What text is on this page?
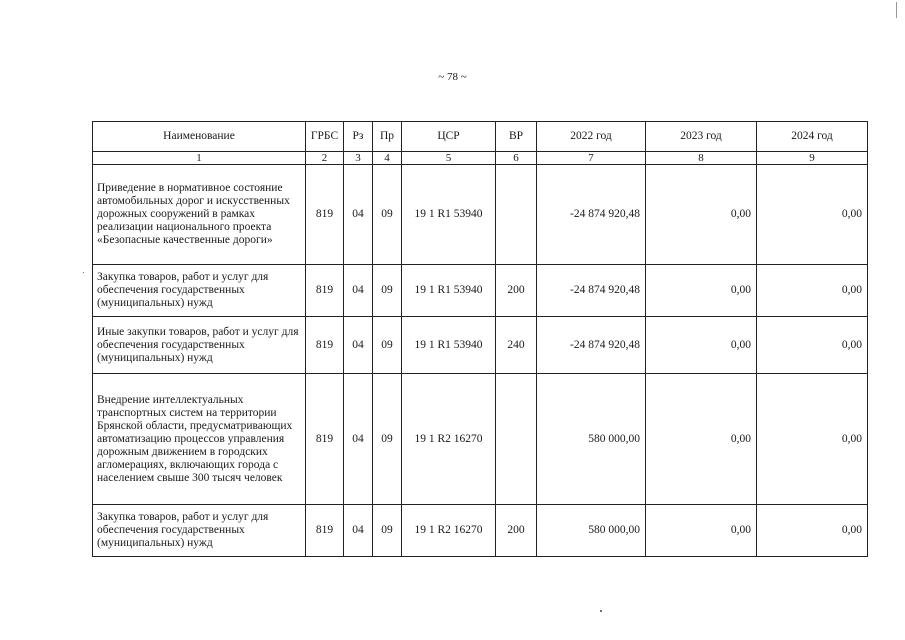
~ 78 ~
Наименование	ГРБС	Рз	Пр	ЦСР	ВР	2022 год	2023 год	2024 год
1	2	3	4	5	6	7	8	9
Приведение в нормативное состояние автомобильных дорог и искусственных дорожных сооружений в рамках реализации национального проекта «Безопасные качественные дороги»	819	04	09	19 1 R1 53940		-24 874 920,48	0,00	0,00
Закупка товаров, работ и услуг для обеспечения государственных (муниципальных) нужд	819	04	09	19 1 R1 53940	200	-24 874 920,48	0,00	0,00
Иные закупки товаров, работ и услуг для обеспечения государственных (муниципальных) нужд	819	04	09	19 1 R1 53940	240	-24 874 920,48	0,00	0,00
Внедрение интеллектуальных транспортных систем на территории Брянской области, предусматривающих автоматизацию процессов управления дорожным движением в городских агломерациях, включающих города с населением свыше 300 тысяч человек	819	04	09	19 1 R2 16270		580 000,00	0,00	0,00
Закупка товаров, работ и услуг для обеспечения государственных (муниципальных) нужд	819	04	09	19 1 R2 16270	200	580 000,00	0,00	0,00
